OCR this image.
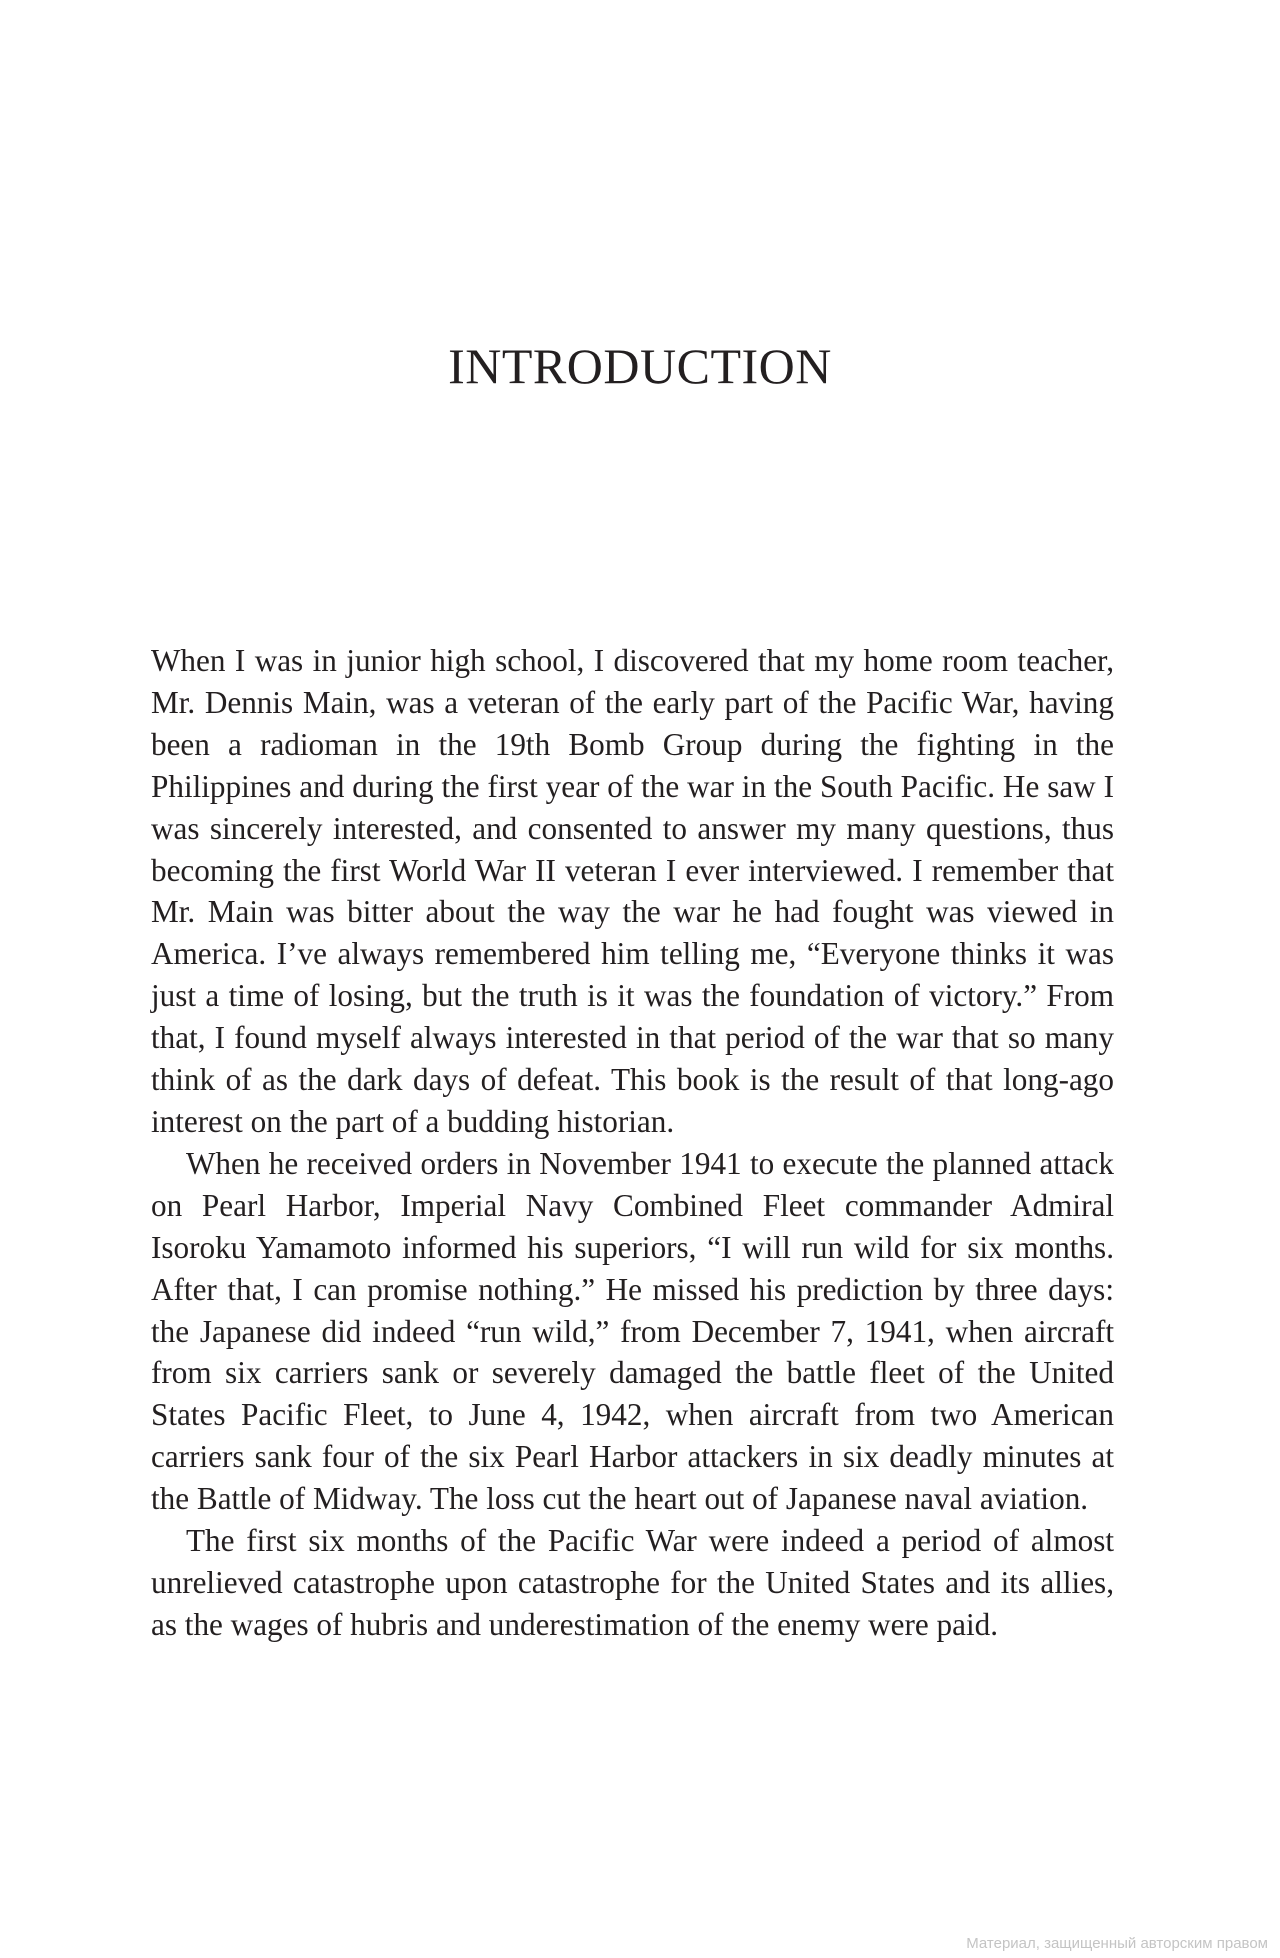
INTRODUCTION

When I was in junior high school, I discovered that my home room teacher, Mr. Dennis Main, was a veteran of the early part of the Pacific War, having been a radioman in the 19th Bomb Group during the fighting in the Philippines and during the first year of the war in the South Pacific. He saw I was sincerely interested, and consented to answer my many questions, thus becoming the first World War II veteran I ever interviewed. I remember that Mr. Main was bitter about the way the war he had fought was viewed in America. I’ve always remembered him telling me, “Everyone thinks it was just a time of losing, but the truth is it was the foundation of victory.” From that, I found myself always interested in that period of the war that so many think of as the dark days of defeat. This book is the result of that long-ago interest on the part of a budding historian.

When he received orders in November 1941 to execute the planned attack on Pearl Harbor, Imperial Navy Combined Fleet commander Admiral Isoroku Yamamoto informed his superiors, “I will run wild for six months. After that, I can promise nothing.” He missed his prediction by three days: the Japanese did indeed “run wild,” from December 7, 1941, when aircraft from six carriers sank or severely damaged the battle fleet of the United States Pacific Fleet, to June 4, 1942, when aircraft from two American carriers sank four of the six Pearl Harbor attackers in six deadly minutes at the Battle of Midway. The loss cut the heart out of Japanese naval aviation.

The first six months of the Pacific War were indeed a period of almost unrelieved catastrophe upon catastrophe for the United States and its allies, as the wages of hubris and underestimation of the enemy were paid.

Материал, защищенный авторским правом
